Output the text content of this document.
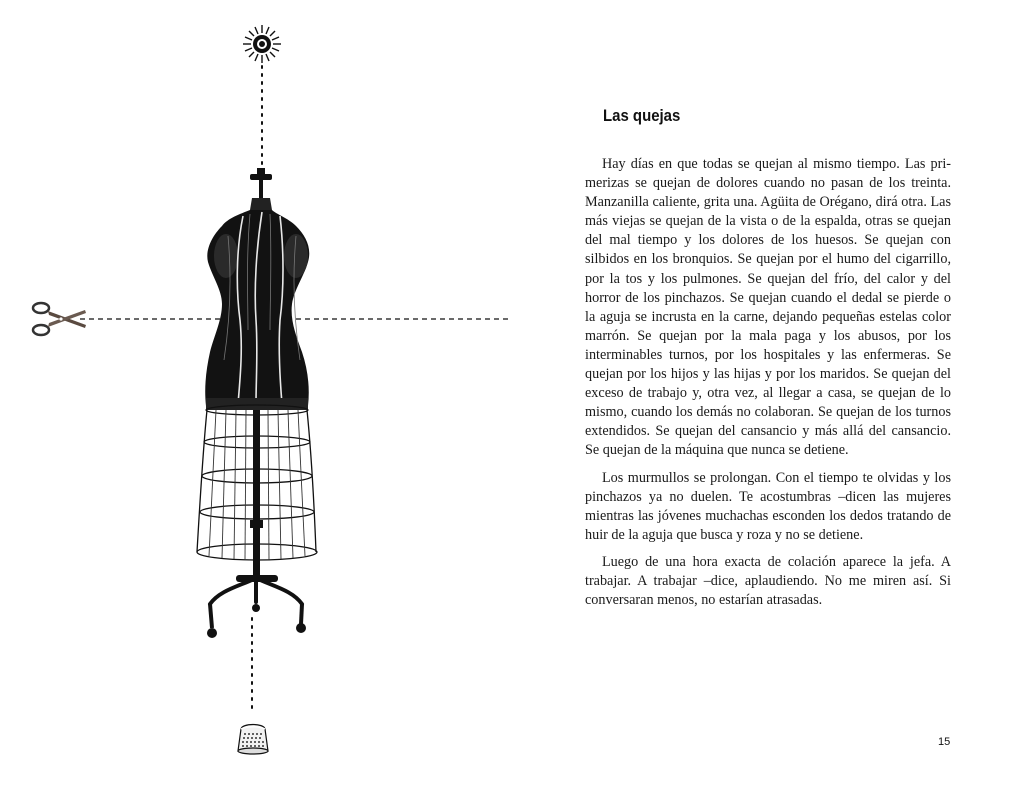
Las quejas

Hay días en que todas se quejan al mismo tiempo. Las primerizas se quejan de dolores cuando no pasan de los treinta. Manzanilla caliente, grita una. Agüita de Orégano, dirá otra. Las más viejas se quejan de la vista o de la espalda, otras se quejan del mal tiempo y los dolores de los huesos. Se quejan con silbidos en los bronquios. Se quejan por el humo del cigarrillo, por la tos y los pulmones. Se quejan del frío, del calor y del horror de los pinchazos. Se quejan cuando el dedal se pierde o la aguja se incrusta en la carne, dejando pequeñas estelas color marrón. Se quejan por la mala paga y los abusos, por los interminables turnos, por los hospitales y las enfermeras. Se quejan por los hijos y las hijas y por los maridos. Se quejan del exceso de trabajo y, otra vez, al llegar a casa, se quejan de lo mismo, cuando los demás no colaboran. Se quejan de los turnos extendidos. Se quejan del cansancio y más allá del cansancio. Se quejan de la máquina que nunca se detiene.

Los murmullos se prolongan. Con el tiempo te olvidas y los pinchazos ya no duelen. Te acostumbras –dicen las mujeres mientras las jóvenes muchachas esconden los dedos tratando de huir de la aguja que busca y roza y no se detiene.

Luego de una hora exacta de colación aparece la jefa. A trabajar. A trabajar –dice, aplaudiendo. No me miren así. Si conversaran menos, no estarían atrasadas.

15
